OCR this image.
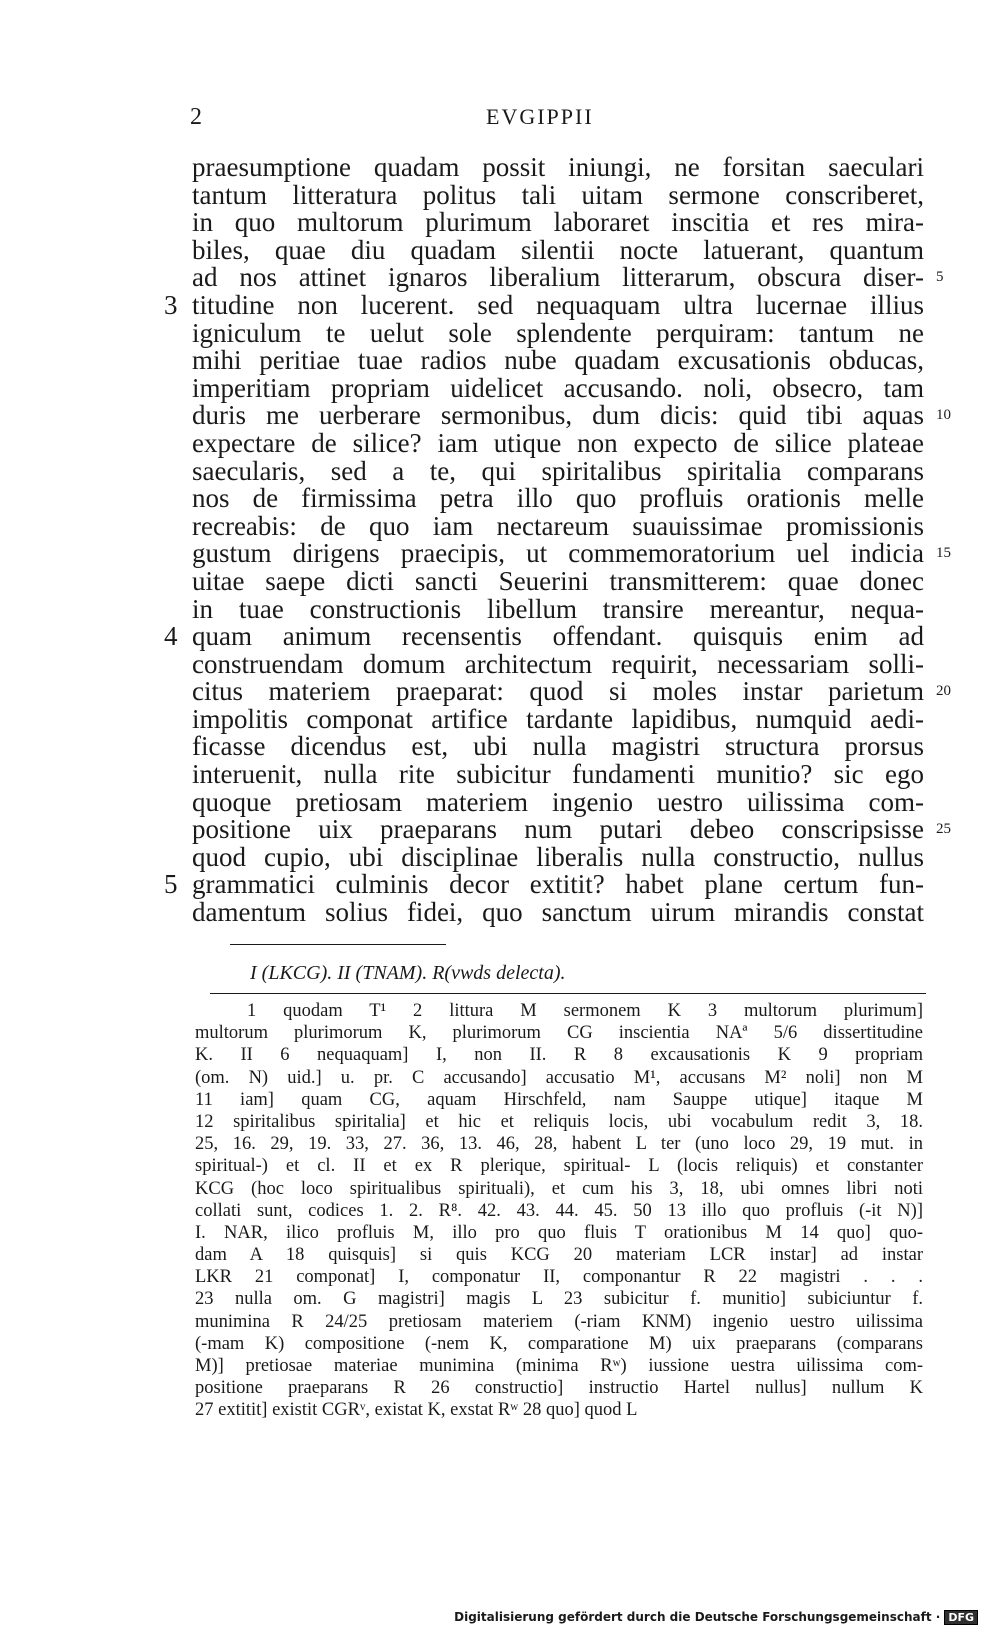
2	EVGIPPII
praesumptione quadam possit iniungi, ne forsitan saeculari
tantum litteratura politus tali uitam sermone conscriberet,
in quo multorum plurimum laboraret inscitia et res mira-
biles, quae diu quadam silentii nocte latuerant, quantum
ad nos attinet ignaros liberalium litterarum, obscura diser- 5
titudine non lucerent. sed nequaquam ultra lucernae illius
3
igniculum te uelut sole splendente perquiram: tantum ne
mihi peritiae tuae radios nube quadam excusationis obducas,
imperitiam propriam uidelicet accusando. noli, obsecro, tam
duris me uerberare sermonibus, dum dicis: quid tibi aquas 10
expectare de silice? iam utique non expecto de silice plateae
saecularis, sed a te, qui spiritalibus spiritalia comparans
nos de firmissima petra illo quo profluis orationis melle
recreabis: de quo iam nectareum suauissimae promissionis
gustum dirigens praecipis, ut commemoratorium uel indicia 15
uitae saepe dicti sancti Seuerini transmitterem: quae donec
in tuae constructionis libellum transire mereantur, nequa-
quam animum recensentis offendant. quisquis enim ad
4
construendam domum architectum requirit, necessariam solli-
citus materiem praeparat: quod si moles instar parietum 20
impolitis componat artifice tardante lapidibus, numquid aedi-
ficasse dicendus est, ubi nulla magistri structura prorsus
interuenit, nulla rite subicitur fundamenti munitio? sic ego
quoque pretiosam materiem ingenio uestro uilissima com-
positione uix praeparans num putari debeo conscripsisse 25
quod cupio, ubi disciplinae liberalis nulla constructio, nullus
grammatici culminis decor extitit? habet plane certum fun-
5
damentum solius fidei, quo sanctum uirum mirandis constat
I (LKCG). II (TNAM). R(vwds delecta).
1 quodam T¹ 2 littura M sermonem K 3 multorum plurimum]
multorum plurimorum K, plurimorum CG inscientia NAª 5/6 dissertitudine
K. II 6 nequaquam] I, non II. R 8 excausationis K 9 propriam
(om. N) uid.] u. pr. C accusando] accusatio M¹, accusans M² noli] non M
11 iam] quam CG, aquam Hirschfeld, nam Sauppe utique] itaque M
12 spiritalibus spiritalia] et hic et reliquis locis, ubi vocabulum redit 3, 18.
25, 16. 29, 19. 33, 27. 36, 13. 46, 28, habent L ter (uno loco 29, 19 mut. in
spiritual-) et cl. II et ex R plerique, spiritual- L (locis reliquis) et constanter
KCG (hoc loco spiritualibus spirituali), et cum his 3, 18, ubi omnes libri noti
collati sunt, codices 1. 2. R⁸. 42. 43. 44. 45. 50 13 illo quo profluis (-it N)]
I. NAR, ilico profluis M, illo pro quo fluis T orationibus M 14 quo] quo-
dam A 18 quisquis] si quis KCG 20 materiam LCR instar] ad instar
LKR 21 componat] I, componatur II, componantur R 22 magistri . . .
23 nulla om. G magistri] magis L 23 subicitur f. munitio] subiciuntur f.
munimina R 24/25 pretiosam materiem (-riam KNM) ingenio uestro uilissima
(-mam K) compositione (-nem K, comparatione M) uix praeparans (comparans
M)] pretiosae materiae munimina (minima Rʷ) iussione uestra uilissima com-
positione praeparans R 26 constructio] instructio Hartel nullus] nullum K
27 extitit] existit CGRᵛ, existat K, exstat Rʷ 28 quo] quod L
Digitalisierung gefördert durch die Deutsche Forschungsgemeinschaft · DFG
